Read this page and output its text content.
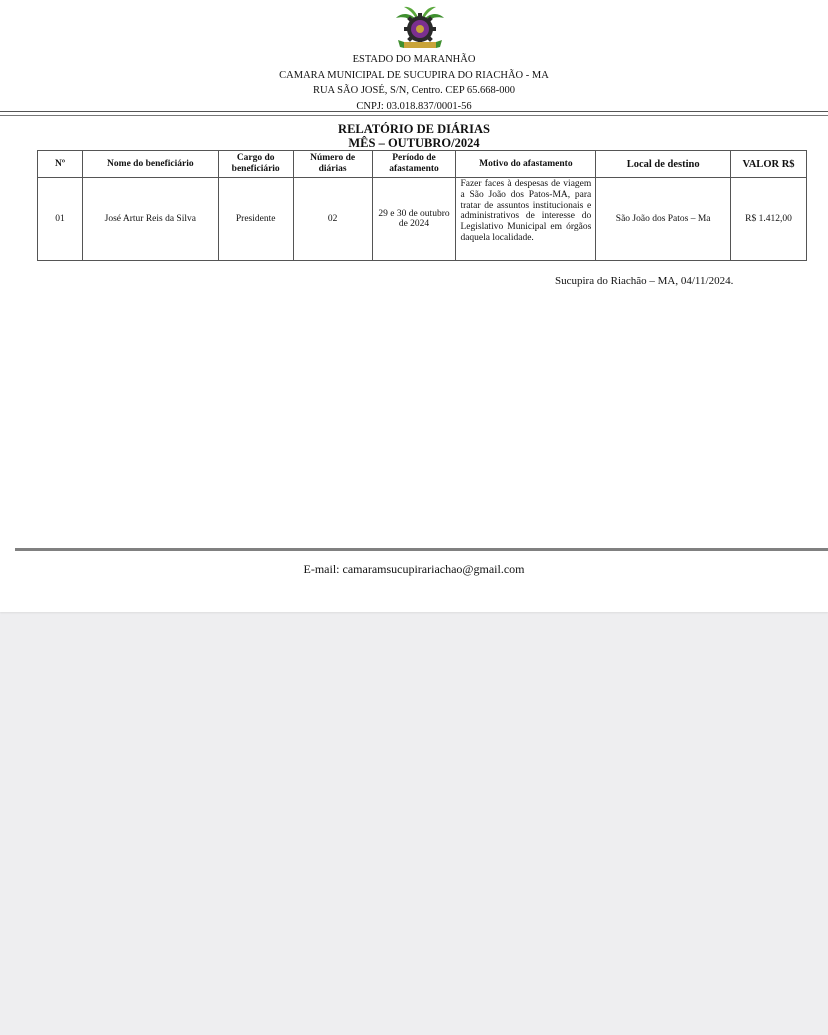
ESTADO DO MARANHÃO
CAMARA MUNICIPAL DE SUCUPIRA DO RIACHÃO - MA
RUA SÃO JOSÉ, S/N, Centro. CEP 65.668-000
CNPJ: 03.018.837/0001-56
RELATÓRIO DE DIÁRIAS
MÊS – OUTUBRO/2024
Nº	Nome do beneficiário	Cargo do beneficiário	Número de diárias	Período de afastamento	Motivo do afastamento	Local de destino	VALOR R$
01	José Artur Reis da Silva	Presidente	02	29 e 30 de outubro de 2024	Fazer faces à despesas de viagem a São João dos Patos-MA, para tratar de assuntos institucionais e administrativos de interesse do Legislativo Municipal em órgãos daquela localidade.	São João dos Patos – Ma	R$ 1.412,00
Sucupira do Riachão – MA, 04/11/2024.
E-mail: camaramsucupirariachao@gmail.com
